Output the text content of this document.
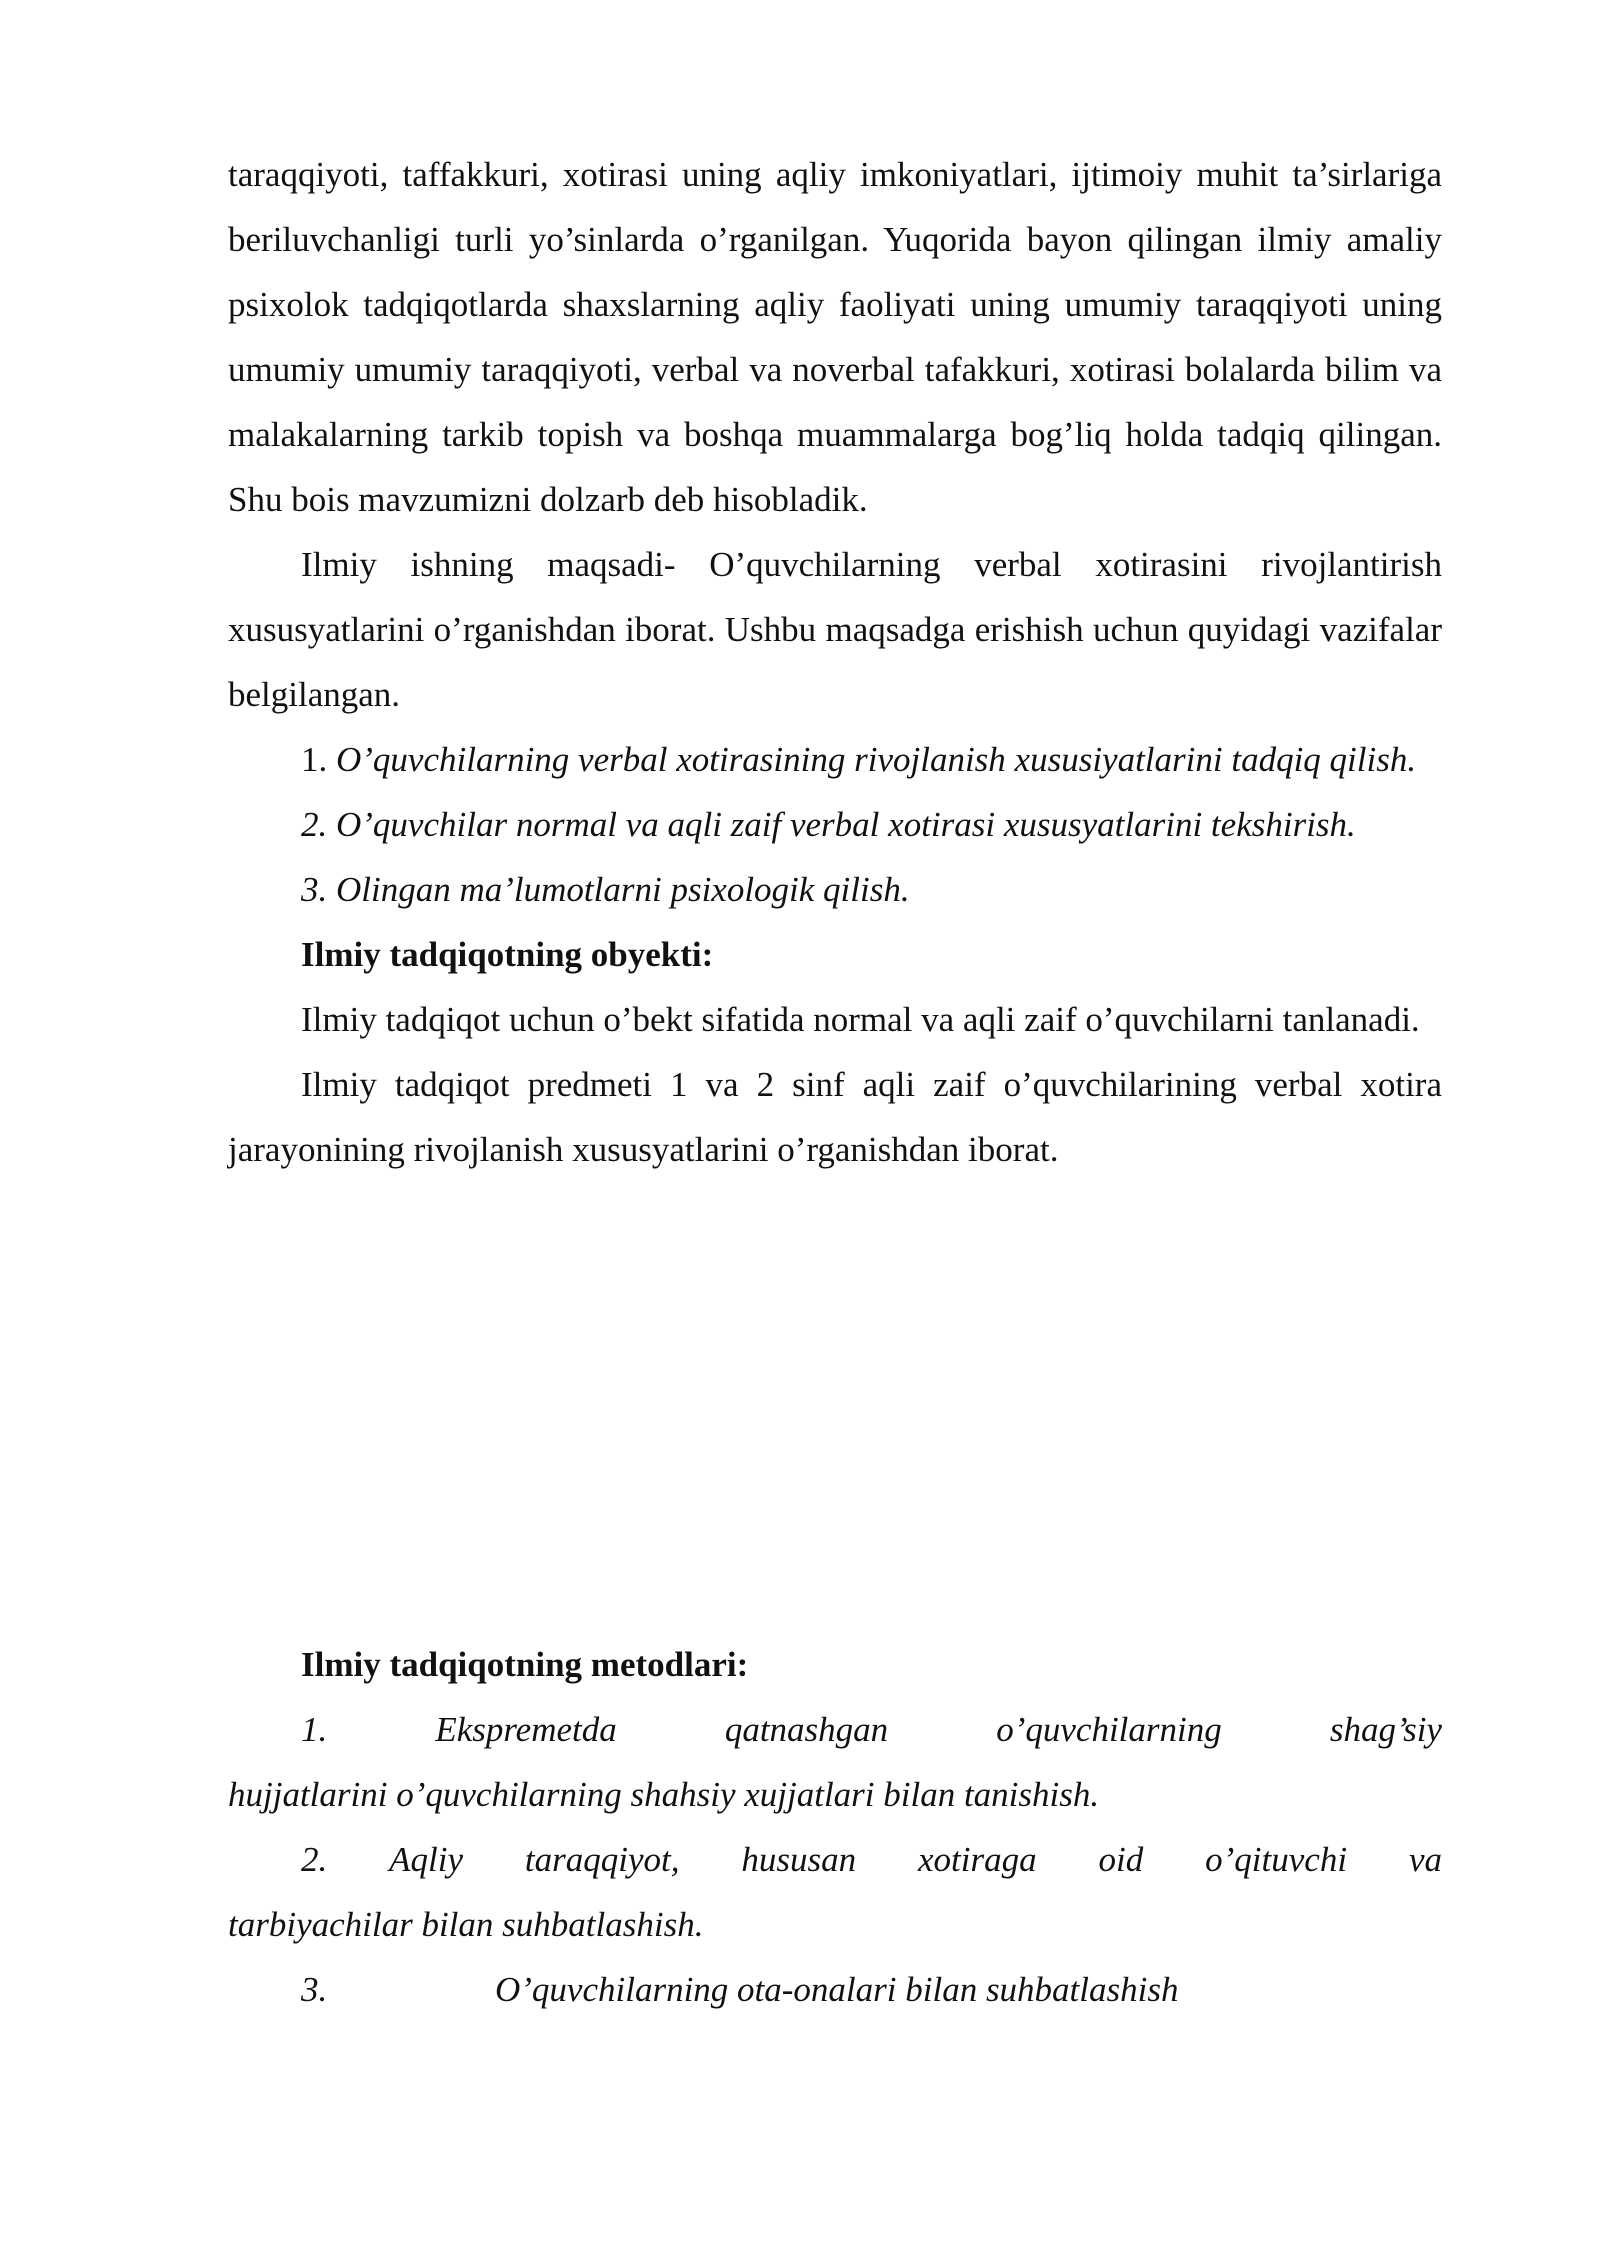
taraqqiyoti, taffakkuri, xotirasi uning aqliy imkoniyatlari, ijtimoiy muhit ta’sirlariga beriluvchanligi turli yo’sinlarda o’rganilgan. Yuqorida bayon qilingan ilmiy amaliy psixolok tadqiqotlarda shaxslarning aqliy faoliyati uning umumiy taraqqiyoti uning umumiy umumiy taraqqiyoti, verbal va noverbal tafakkuri, xotirasi bolalarda bilim va malakalarning tarkib topish va boshqa muammalarga bog’liq holda tadqiq qilingan. Shu bois mavzumizni dolzarb deb hisobladik.

Ilmiy ishning maqsadi- O’quvchilarning verbal xotirasini rivojlantirish xususyatlarini o’rganishdan iborat. Ushbu maqsadga erishish uchun quyidagi vazifalar belgilangan.

1. O’quvchilarning verbal xotirasining rivojlanish xususiyatlarini tadqiq qilish.

2. O’quvchilar normal va aqli zaif verbal xotirasi xususyatlarini tekshirish.

3. Olingan ma’lumotlarni psixologik qilish.

Ilmiy tadqiqotning obyekti:

Ilmiy tadqiqot uchun o’bekt sifatida normal va aqli zaif o’quvchilarni tanlanadi.

Ilmiy tadqiqot predmeti 1 va 2 sinf aqli zaif o’quvchilarining verbal xotira jarayonining rivojlanish xususyatlarini o’rganishdan iborat.

Ilmiy tadqiqotning metodlari:

1.	Ekspremetda	qatnashgan	o’quvchilarning	shag’siy

hujjatlarini o’quvchilarning shahsiy xujjatlari bilan tanishish.

2. Aqliy taraqqiyot, hususan xotiraga oid o’qituvchi va

tarbiyachilar bilan suhbatlashish.

3.	O’quvchilarning ota-onalari bilan suhbatlashish
